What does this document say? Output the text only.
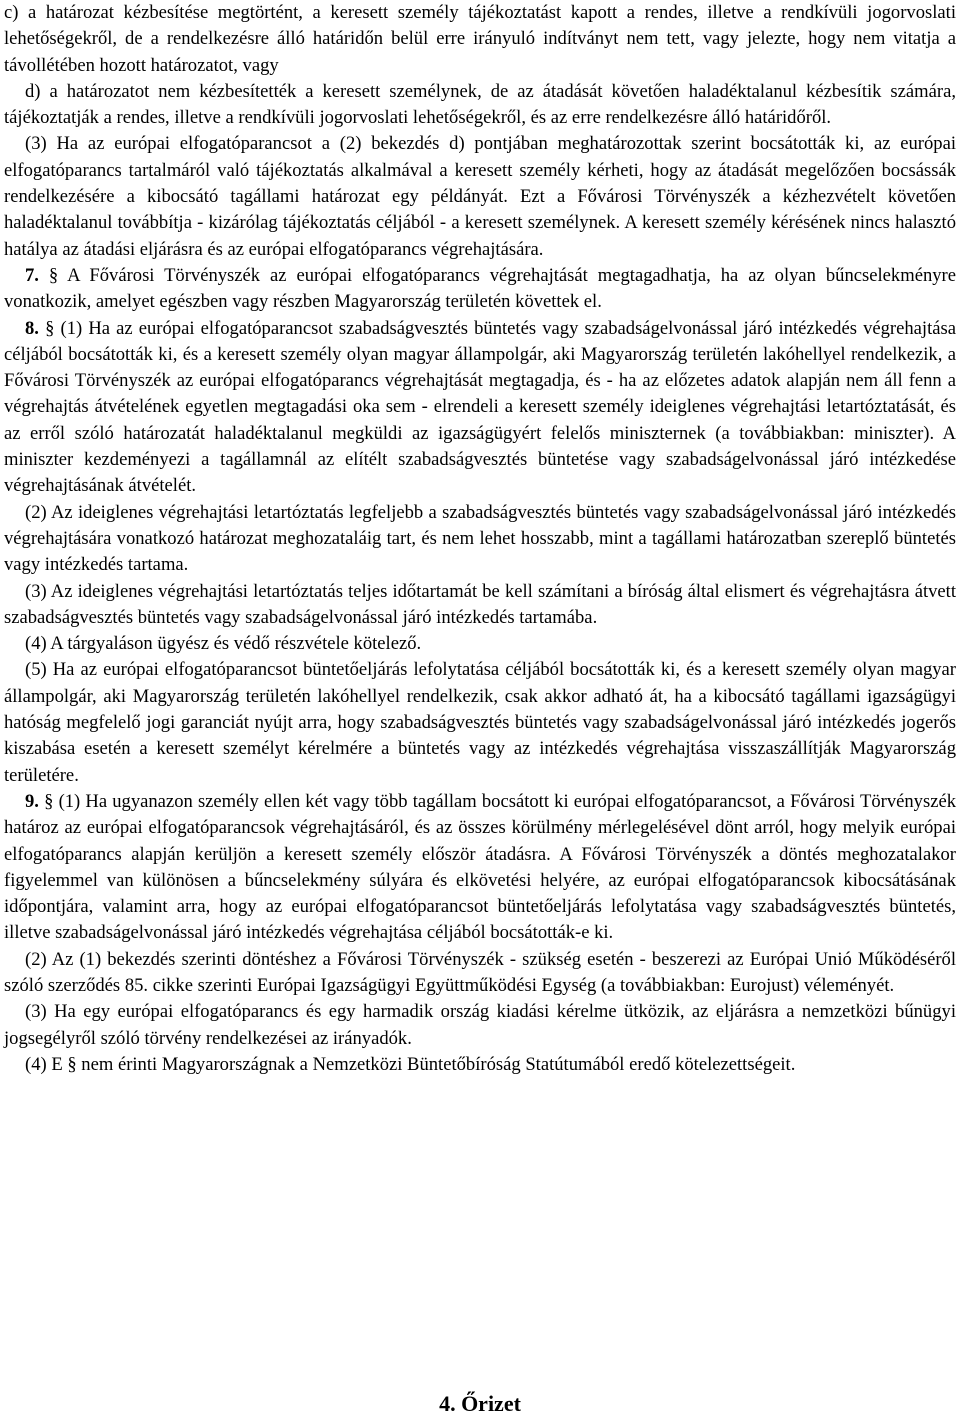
c) a határozat kézbesítése megtörtént, a keresett személy tájékoztatást kapott a rendes, illetve a rendkívüli jogorvoslati lehetőségekről, de a rendelkezésre álló határidőn belül erre irányuló indítványt nem tett, vagy jelezte, hogy nem vitatja a távollétében hozott határozatot, vagy

d) a határozatot nem kézbesítették a keresett személynek, de az átadását követően haladéktalanul kézbesítik számára, tájékoztatják a rendes, illetve a rendkívüli jogorvoslati lehetőségekről, és az erre rendelkezésre álló határidőről.

(3) Ha az európai elfogatóparancsot a (2) bekezdés d) pontjában meghatározottak szerint bocsátották ki, az európai elfogatóparancs tartalmáról való tájékoztatás alkalmával a keresett személy kérheti, hogy az átadását megelőzően bocsássák rendelkezésére a kibocsátó tagállami határozat egy példányát. Ezt a Fővárosi Törvényszék a kézhezvételt követően haladéktalanul továbbítja - kizárólag tájékoztatás céljából - a keresett személynek. A keresett személy kérésének nincs halasztó hatálya az átadási eljárásra és az európai elfogatóparancs végrehajtására.

7. § A Fővárosi Törvényszék az európai elfogatóparancs végrehajtását megtagadhatja, ha az olyan bűncselekményre vonatkozik, amelyet egészben vagy részben Magyarország területén követtek el.

8. § (1) Ha az európai elfogatóparancsot szabadságvesztés büntetés vagy szabadságelvonással járó intézkedés végrehajtása céljából bocsátották ki, és a keresett személy olyan magyar állampolgár, aki Magyarország területén lakóhellyel rendelkezik, a Fővárosi Törvényszék az európai elfogatóparancs végrehajtását megtagadja, és - ha az előzetes adatok alapján nem áll fenn a végrehajtás átvételének egyetlen megtagadási oka sem - elrendeli a keresett személy ideiglenes végrehajtási letartóztatását, és az erről szóló határozatát haladéktalanul megküldi az igazságügyért felelős miniszternek (a továbbiakban: miniszter). A miniszter kezdeményezi a tagállamnál az elítélt szabadságvesztés büntetése vagy szabadságelvonással járó intézkedése végrehajtásának átvételét.

(2) Az ideiglenes végrehajtási letartóztatás legfeljebb a szabadságvesztés büntetés vagy szabadságelvonással járó intézkedés végrehajtására vonatkozó határozat meghozataláig tart, és nem lehet hosszabb, mint a tagállami határozatban szereplő büntetés vagy intézkedés tartama.

(3) Az ideiglenes végrehajtási letartóztatás teljes időtartamát be kell számítani a bíróság által elismert és végrehajtásra átvett szabadságvesztés büntetés vagy szabadságelvonással járó intézkedés tartamába.

(4) A tárgyaláson ügyész és védő részvétele kötelező.

(5) Ha az európai elfogatóparancsot büntetőeljárás lefolytatása céljából bocsátották ki, és a keresett személy olyan magyar állampolgár, aki Magyarország területén lakóhellyel rendelkezik, csak akkor adható át, ha a kibocsátó tagállami igazságügyi hatóság megfelelő jogi garanciát nyújt arra, hogy szabadságvesztés büntetés vagy szabadságelvonással járó intézkedés jogerős kiszabása esetén a keresett személyt kérelmére a büntetés vagy az intézkedés végrehajtása visszaszállítják Magyarország területére.

9. § (1) Ha ugyanazon személy ellen két vagy több tagállam bocsátott ki európai elfogatóparancsot, a Fővárosi Törvényszék határoz az európai elfogatóparancsok végrehajtásáról, és az összes körülmény mérlegelésével dönt arról, hogy melyik európai elfogatóparancs alapján kerüljön a keresett személy először átadásra. A Fővárosi Törvényszék a döntés meghozatalakor figyelemmel van különösen a bűncselekmény súlyára és elkövetési helyére, az európai elfogatóparancsok kibocsátásának időpontjára, valamint arra, hogy az európai elfogatóparancsot büntetőeljárás lefolytatása vagy szabadságvesztés büntetés, illetve szabadságelvonással járó intézkedés végrehajtása céljából bocsátották-e ki.

(2) Az (1) bekezdés szerinti döntéshez a Fővárosi Törvényszék - szükség esetén - beszerezi az Európai Unió Működéséről szóló szerződés 85. cikke szerinti Európai Igazságügyi Együttműködési Egység (a továbbiakban: Eurojust) véleményét.

(3) Ha egy európai elfogatóparancs és egy harmadik ország kiadási kérelme ütközik, az eljárásra a nemzetközi bűnügyi jogsegélyről szóló törvény rendelkezései az irányadók.

(4) E § nem érinti Magyarországnak a Nemzetközi Büntetőbíróság Statútumából eredő kötelezettségeit.

4. Őrizet
